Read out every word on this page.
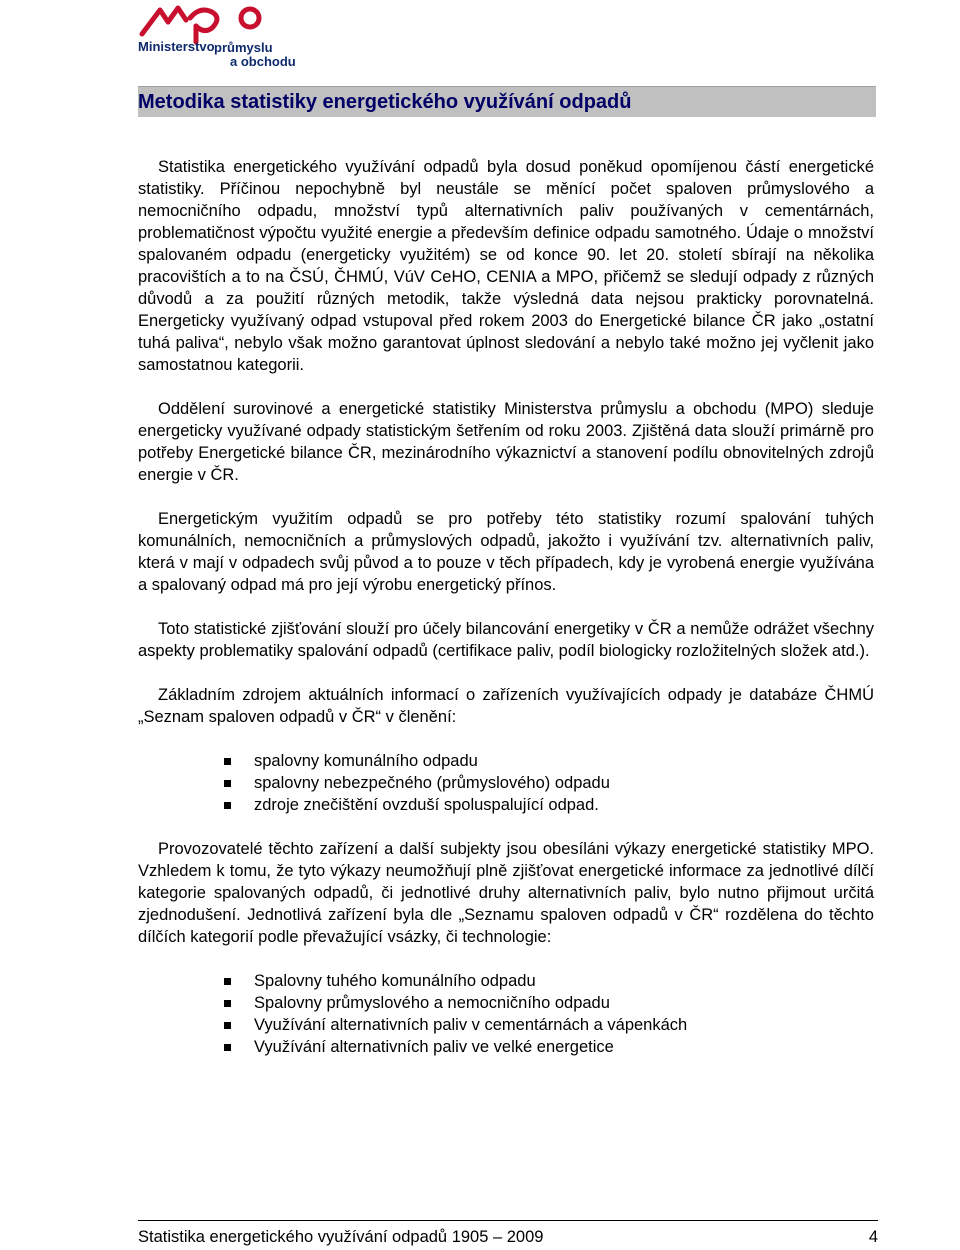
Ministerstvo průmyslu
a obchodu
Metodika statistiky energetického využívání odpadů

Statistika energetického využívání odpadů byla dosud poněkud opomíjenou částí energetické statistiky. Příčinou nepochybně byl neustále se měnící počet spaloven průmyslového a nemocničního odpadu, množství typů alternativních paliv používaných v cementárnách, problematičnost výpočtu využité energie a především definice odpadu samotného. Údaje o množství spalovaném odpadu (energeticky využitém) se od konce 90. let 20. století sbírají na několika pracovištích a to na ČSÚ, ČHMÚ, VúV CeHO, CENIA a MPO, přičemž se sledují odpady z různých důvodů a za použití různých metodik, takže výsledná data nejsou prakticky porovnatelná. Energeticky využívaný odpad vstupoval před rokem 2003 do Energetické bilance ČR jako „ostatní tuhá paliva“, nebylo však možno garantovat úplnost sledování a nebylo také možno jej vyčlenit jako samostatnou kategorii.

Oddělení surovinové a energetické statistiky Ministerstva průmyslu a obchodu (MPO) sleduje energeticky využívané odpady statistickým šetřením od roku 2003. Zjištěná data slouží primárně pro potřeby Energetické bilance ČR, mezinárodního výkaznictví a stanovení podílu obnovitelných zdrojů energie v ČR.

Energetickým využitím odpadů se pro potřeby této statistiky rozumí spalování tuhých komunálních, nemocničních a průmyslových odpadů, jakožto i využívání tzv. alternativních paliv, která v mají v odpadech svůj původ a to pouze v těch případech, kdy je vyrobená energie využívána a spalovaný odpad má pro její výrobu energetický přínos.

Toto statistické zjišťování slouží pro účely bilancování energetiky v ČR a nemůže odrážet všechny aspekty problematiky spalování odpadů (certifikace paliv, podíl biologicky rozložitelných složek atd.).

Základním zdrojem aktuálních informací o zařízeních využívajících odpady je databáze ČHMÚ „Seznam spaloven odpadů v ČR“ v členění:

spalovny komunálního odpadu
spalovny nebezpečného (průmyslového) odpadu
zdroje znečištění ovzduší spoluspalující odpad.

Provozovatelé těchto zařízení a další subjekty jsou obesíláni výkazy energetické statistiky MPO. Vzhledem k tomu, že tyto výkazy neumožňují plně zjišťovat energetické informace za jednotlivé dílčí kategorie spalovaných odpadů, či jednotlivé druhy alternativních paliv, bylo nutno přijmout určitá zjednodušení. Jednotlivá zařízení byla dle „Seznamu spaloven odpadů v ČR“ rozdělena do těchto dílčích kategorií podle převažující vsázky, či technologie:

Spalovny tuhého komunálního odpadu
Spalovny průmyslového a nemocničního odpadu
Využívání alternativních paliv v cementárnách a vápenkách
Využívání alternativních paliv ve velké energetice
Statistika energetického využívání odpadů 1905 – 2009	4
